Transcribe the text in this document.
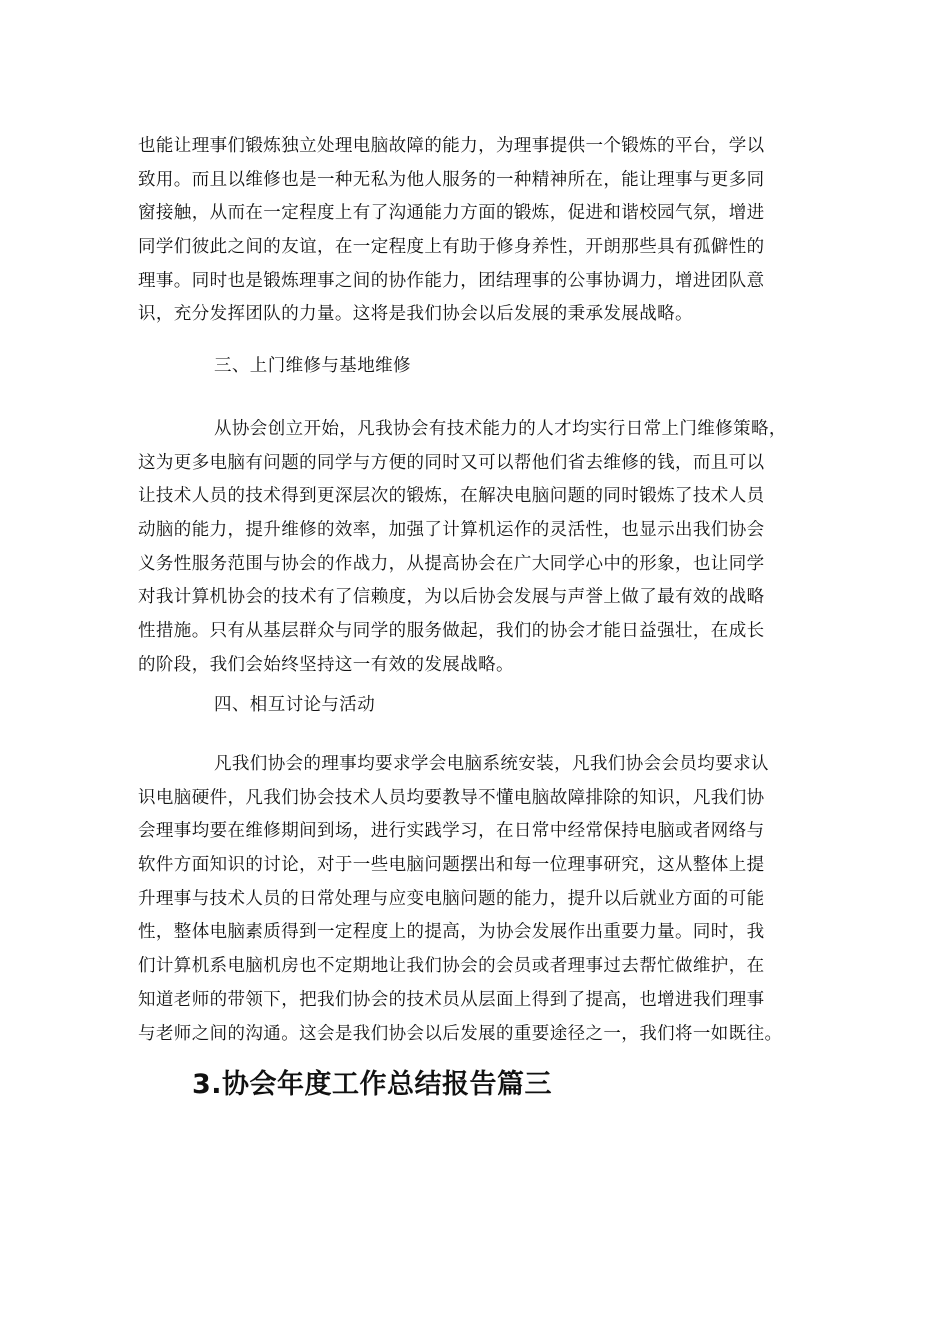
也能让理事们锻炼独立处理电脑故障的能力，为理事提供一个锻炼的平台，学以
致用。而且以维修也是一种无私为他人服务的一种精神所在，能让理事与更多同
窗接触，从而在一定程度上有了沟通能力方面的锻炼，促进和谐校园气氛，增进
同学们彼此之间的友谊，在一定程度上有助于修身养性，开朗那些具有孤僻性的
理事。同时也是锻炼理事之间的协作能力，团结理事的公事协调力，增进团队意
识，充分发挥团队的力量。这将是我们协会以后发展的秉承发展战略。
三、上门维修与基地维修
从协会创立开始，凡我协会有技术能力的人才均实行日常上门维修策略，
这为更多电脑有问题的同学与方便的同时又可以帮他们省去维修的钱，而且可以
让技术人员的技术得到更深层次的锻炼，在解决电脑问题的同时锻炼了技术人员
动脑的能力，提升维修的效率，加强了计算机运作的灵活性，也显示出我们协会
义务性服务范围与协会的作战力，从提高协会在广大同学心中的形象，也让同学
对我计算机协会的技术有了信赖度，为以后协会发展与声誉上做了最有效的战略
性措施。只有从基层群众与同学的服务做起，我们的协会才能日益强壮，在成长
的阶段，我们会始终坚持这一有效的发展战略。
四、相互讨论与活动
凡我们协会的理事均要求学会电脑系统安装，凡我们协会会员均要求认
识电脑硬件，凡我们协会技术人员均要教导不懂电脑故障排除的知识，凡我们协
会理事均要在维修期间到场，进行实践学习，在日常中经常保持电脑或者网络与
软件方面知识的讨论，对于一些电脑问题摆出和每一位理事研究，这从整体上提
升理事与技术人员的日常处理与应变电脑问题的能力，提升以后就业方面的可能
性，整体电脑素质得到一定程度上的提高，为协会发展作出重要力量。同时，我
们计算机系电脑机房也不定期地让我们协会的会员或者理事过去帮忙做维护，在
知道老师的带领下，把我们协会的技术员从层面上得到了提高，也增进我们理事
与老师之间的沟通。这会是我们协会以后发展的重要途径之一，我们将一如既往。
3.协会年度工作总结报告篇三
